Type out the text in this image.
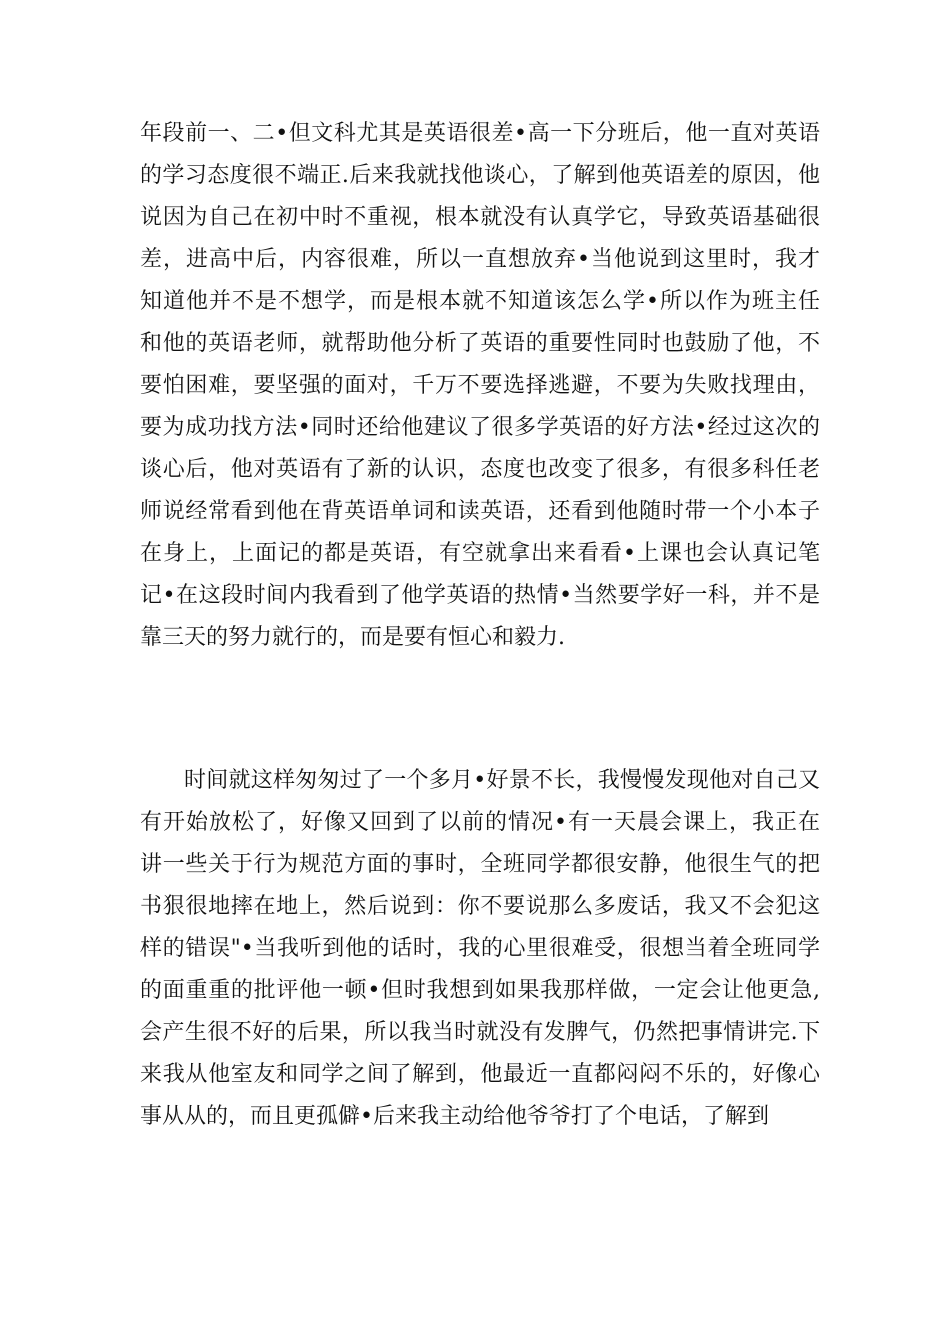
年段前一、二•但文科尤其是英语很差•高一下分班后，他一直对英语
的学习态度很不端正.后来我就找他谈心，了解到他英语差的原因，他
说因为自己在初中时不重视，根本就没有认真学它，导致英语基础很
差，进高中后，内容很难，所以一直想放弃•当他说到这里时，我才
知道他并不是不想学，而是根本就不知道该怎么学•所以作为班主任
和他的英语老师，就帮助他分析了英语的重要性同时也鼓励了他，不
要怕困难，要坚强的面对，千万不要选择逃避，不要为失败找理由，
要为成功找方法•同时还给他建议了很多学英语的好方法•经过这次的
谈心后，他对英语有了新的认识，态度也改变了很多，有很多科任老
师说经常看到他在背英语单词和读英语，还看到他随时带一个小本子
在身上，上面记的都是英语，有空就拿出来看看•上课也会认真记笔
记•在这段时间内我看到了他学英语的热情•当然要学好一科，并不是
靠三天的努力就行的，而是要有恒心和毅力.
时间就这样匆匆过了一个多月•好景不长，我慢慢发现他对自己又
有开始放松了，好像又回到了以前的情况•有一天晨会课上，我正在
讲一些关于行为规范方面的事时，全班同学都很安静，他很生气的把
书狠很地摔在地上，然后说到：你不要说那么多废话，我又不会犯这
样的错误"•当我听到他的话时，我的心里很难受，很想当着全班同学
的面重重的批评他一顿•但时我想到如果我那样做，一定会让他更急,
会产生很不好的后果，所以我当时就没有发脾气，仍然把事情讲完.下
来我从他室友和同学之间了解到，他最近一直都闷闷不乐的，好像心
事从从的，而且更孤僻•后来我主动给他爷爷打了个电话，了解到
